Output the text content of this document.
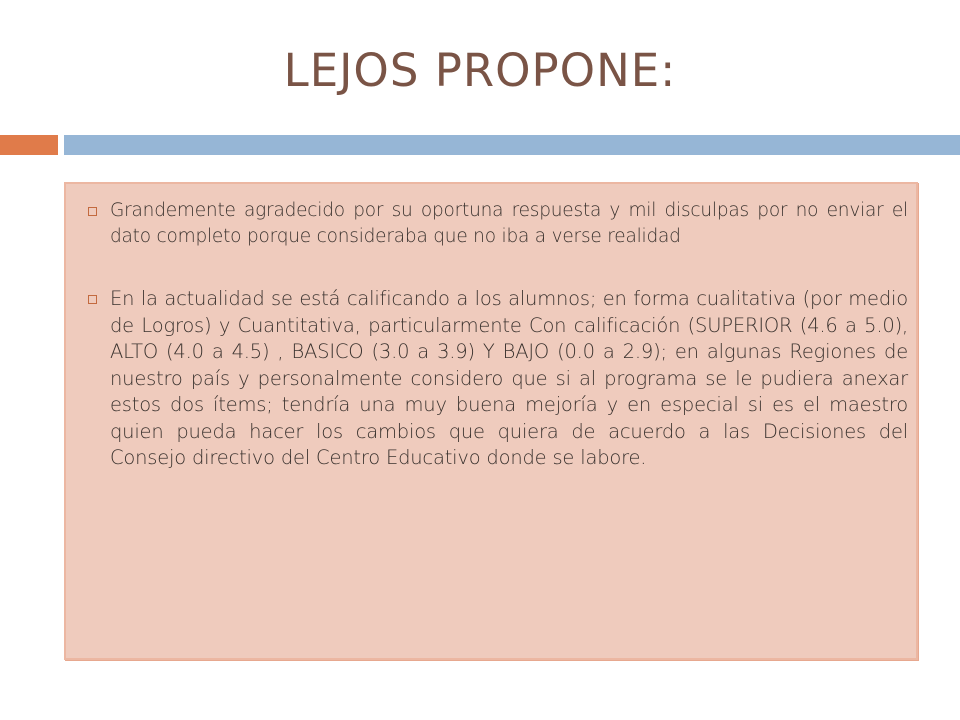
LEJOS PROPONE:
Grandemente agradecido por su oportuna respuesta y mil disculpas por no enviar el dato completo porque consideraba que no iba a verse realidad
En la actualidad se está calificando a los alumnos; en forma cualitativa (por medio de Logros) y Cuantitativa, particularmente Con calificación (SUPERIOR (4.6 a 5.0), ALTO (4.0 a 4.5) , BASICO (3.0 a 3.9) Y BAJO (0.0 a 2.9); en algunas Regiones de nuestro país y personalmente considero que si al programa se le pudiera anexar estos dos ítems; tendría una muy buena mejoría y en especial si es el maestro quien pueda hacer los cambios que quiera de acuerdo a las Decisiones del Consejo directivo del Centro Educativo donde se labore.
